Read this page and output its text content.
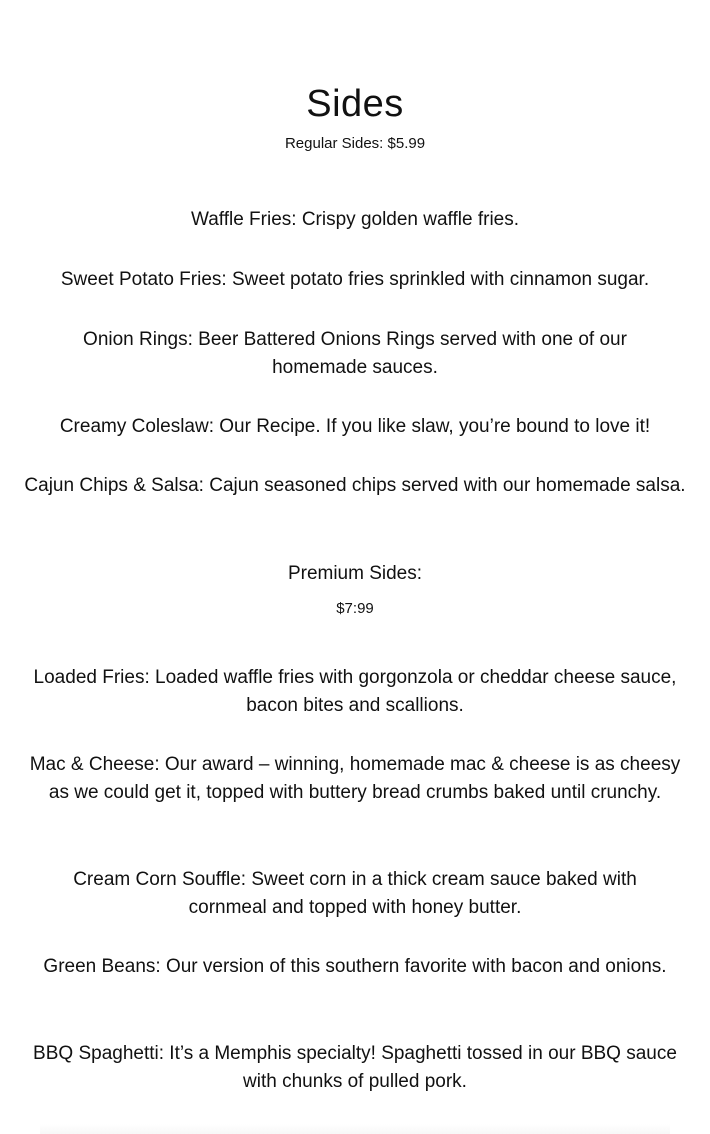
Sides

Regular Sides: $5.99

Waffle Fries: Crispy golden waffle fries.

Sweet Potato Fries: Sweet potato fries sprinkled with cinnamon sugar.

Onion Rings: Beer Battered Onions Rings served with one of our homemade sauces.

Creamy Coleslaw: Our Recipe. If you like slaw, you’re bound to love it!

Cajun Chips & Salsa: Cajun seasoned chips served with our homemade salsa.

Premium Sides:

$7:99

Loaded Fries: Loaded waffle fries with gorgonzola or cheddar cheese sauce, bacon bites and scallions.

Mac & Cheese: Our award – winning, homemade mac & cheese is as cheesy as we could get it, topped with buttery bread crumbs baked until crunchy.

Cream Corn Souffle: Sweet corn in a thick cream sauce baked with cornmeal and topped with honey butter.

Green Beans: Our version of this southern favorite with bacon and onions.

BBQ Spaghetti: It’s a Memphis specialty! Spaghetti tossed in our BBQ sauce with chunks of pulled pork.
